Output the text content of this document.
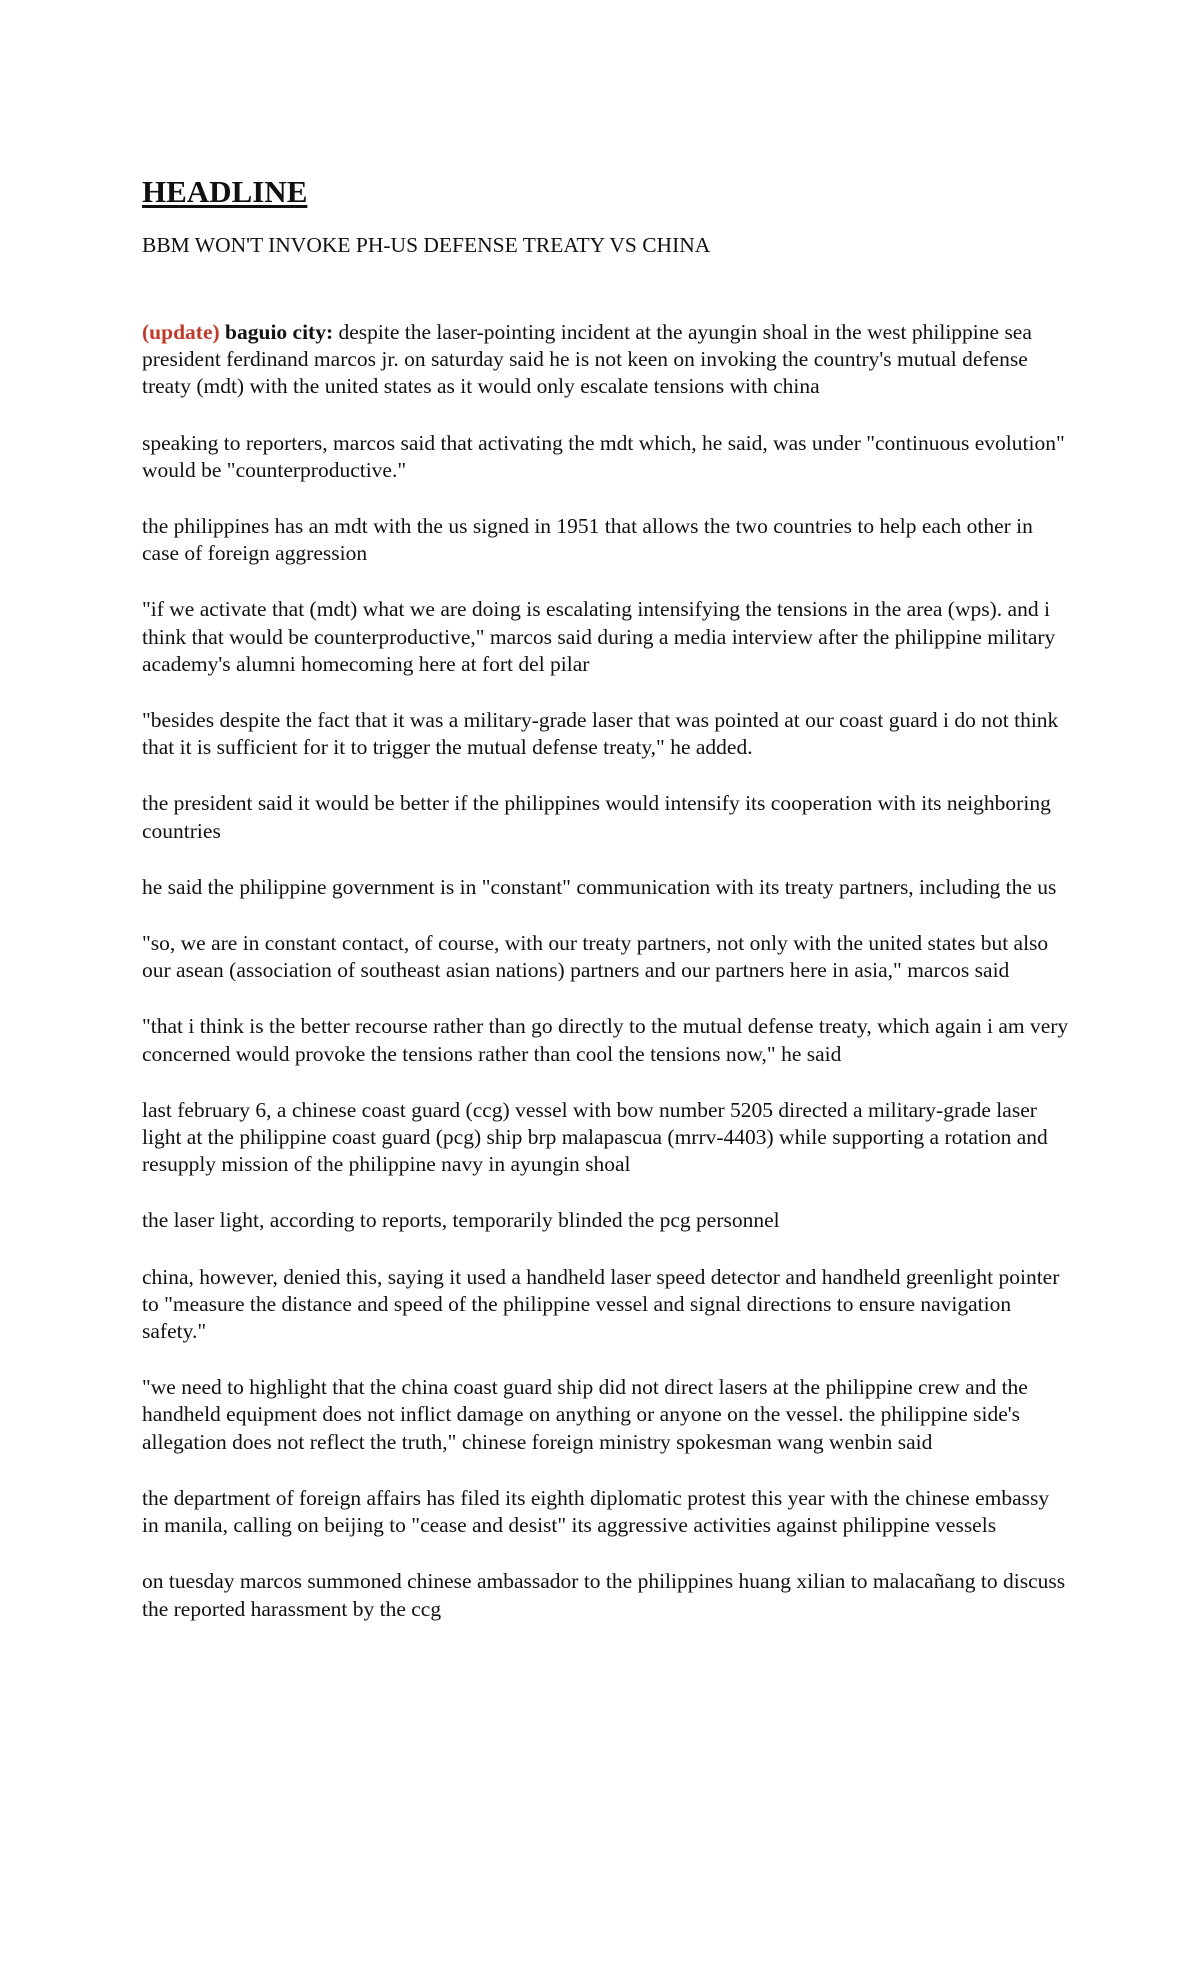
HEADLINE

BBM WON'T INVOKE PH-US DEFENSE TREATY VS CHINA

(update) baguio city: despite the laser-pointing incident at the ayungin shoal in the west philippine sea president ferdinand marcos jr. on saturday said he is not keen on invoking the country's mutual defense treaty (mdt) with the united states as it would only escalate tensions with china

speaking to reporters, marcos said that activating the mdt which, he said, was under "continuous evolution" would be "counterproductive."

the philippines has an mdt with the us signed in 1951 that allows the two countries to help each other in case of foreign aggression

"if we activate that (mdt) what we are doing is escalating intensifying the tensions in the area (wps). and i think that would be counterproductive," marcos said during a media interview after the philippine military academy's alumni homecoming here at fort del pilar

"besides despite the fact that it was a military-grade laser that was pointed at our coast guard i do not think that it is sufficient for it to trigger the mutual defense treaty," he added.

the president said it would be better if the philippines would intensify its cooperation with its neighboring countries

he said the philippine government is in "constant" communication with its treaty partners, including the us

"so, we are in constant contact, of course, with our treaty partners, not only with the united states but also our asean (association of southeast asian nations) partners and our partners here in asia," marcos said

"that i think is the better recourse rather than go directly to the mutual defense treaty, which again i am very concerned would provoke the tensions rather than cool the tensions now," he said

last february 6, a chinese coast guard (ccg) vessel with bow number 5205 directed a military-grade laser light at the philippine coast guard (pcg) ship brp malapascua (mrrv-4403) while supporting a rotation and resupply mission of the philippine navy in ayungin shoal

the laser light, according to reports, temporarily blinded the pcg personnel

china, however, denied this, saying it used a handheld laser speed detector and handheld greenlight pointer to "measure the distance and speed of the philippine vessel and signal directions to ensure navigation safety."

"we need to highlight that the china coast guard ship did not direct lasers at the philippine crew and the handheld equipment does not inflict damage on anything or anyone on the vessel. the philippine side's allegation does not reflect the truth," chinese foreign ministry spokesman wang wenbin said

the department of foreign affairs has filed its eighth diplomatic protest this year with the chinese embassy in manila, calling on beijing to "cease and desist" its aggressive activities against philippine vessels

on tuesday marcos summoned chinese ambassador to the philippines huang xilian to malacañang to discuss the reported harassment by the ccg
